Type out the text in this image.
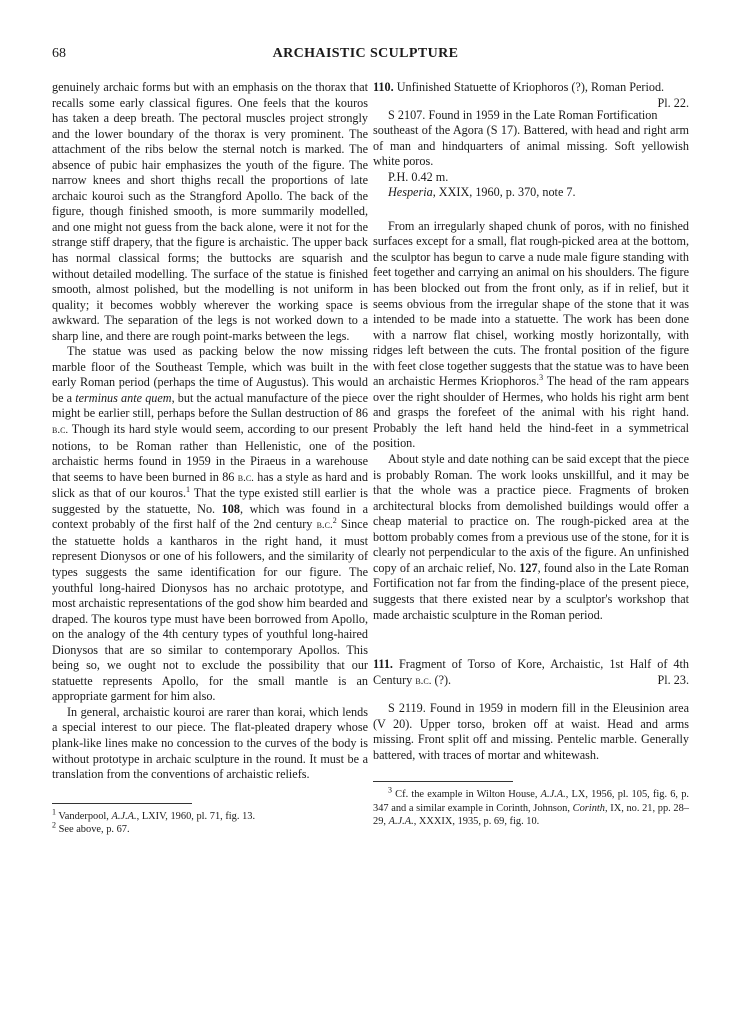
68	ARCHAISTIC SCULPTURE

genuinely archaic forms but with an emphasis on the thorax that recalls some early classical figures. One feels that the kouros has taken a deep breath. The pectoral muscles project strongly and the lower boundary of the thorax is very prominent. The attachment of the ribs below the sternal notch is marked. The absence of pubic hair emphasizes the youth of the figure. The narrow knees and short thighs recall the proportions of late archaic kouroi such as the Strangford Apollo. The back of the figure, though finished smooth, is more summarily modelled, and one might not guess from the back alone, were it not for the strange stiff drapery, that the figure is archaistic. The upper back has normal classical forms; the buttocks are squarish and without detailed modelling. The surface of the statue is finished smooth, almost polished, but the modelling is not uniform in quality; it becomes wobbly wherever the working space is awkward. The separation of the legs is not worked down to a sharp line, and there are rough point-marks between the legs.

The statue was used as packing below the now missing marble floor of the Southeast Temple, which was built in the early Roman period (perhaps the time of Augustus). This would be a terminus ante quem, but the actual manufacture of the piece might be earlier still, perhaps before the Sullan destruction of 86 b.c. Though its hard style would seem, according to our present notions, to be Roman rather than Hellenistic, one of the archaistic herms found in 1959 in the Piraeus in a warehouse that seems to have been burned in 86 b.c. has a style as hard and slick as that of our kouros.$^1$ That the type existed still earlier is suggested by the statuette, No. 108, which was found in a context probably of the first half of the 2nd century b.c.$^2$ Since the statuette holds a kantharos in the right hand, it must represent Dionysos or one of his followers, and the similarity of types suggests the same identification for our figure. The youthful long-haired Dionysos has no archaic prototype, and most archaistic representations of the god show him bearded and draped. The kouros type must have been borrowed from Apollo, on the analogy of the 4th century types of youthful long-haired Dionysos that are so similar to contemporary Apollos. This being so, we ought not to exclude the possibility that our statuette represents Apollo, for the small mantle is an appropriate garment for him also.

In general, archaistic kouroi are rarer than korai, which lends a special interest to our piece. The flat-pleated drapery whose plank-like lines make no concession to the curves of the body is without prototype in archaic sculpture in the round. It must be a translation from the conventions of archaistic reliefs.

$^1$ Vanderpool, A.J.A., LXIV, 1960, pl. 71, fig. 13.

$^2$ See above, p. 67.

110. Unfinished Statuette of Kriophoros (?), Roman Period.
Pl. 22.

S 2107. Found in 1959 in the Late Roman Fortification southeast of the Agora (S 17). Battered, with head and right arm of man and hindquarters of animal missing. Soft yellowish white poros.

P.H. 0.42 m.

Hesperia, XXIX, 1960, p. 370, note 7.

From an irregularly shaped chunk of poros, with no finished surfaces except for a small, flat rough-picked area at the bottom, the sculptor has begun to carve a nude male figure standing with feet together and carrying an animal on his shoulders. The figure has been blocked out from the front only, as if in relief, but it seems obvious from the irregular shape of the stone that it was intended to be made into a statuette. The work has been done with a narrow flat chisel, working mostly horizontally, with ridges left between the cuts. The frontal position of the figure with feet close together suggests that the statue was to have been an archaistic Hermes Kriophoros.$^3$ The head of the ram appears over the right shoulder of Hermes, who holds his right arm bent and grasps the forefeet of the animal with his right hand. Probably the left hand held the hind-feet in a symmetrical position.

About style and date nothing can be said except that the piece is probably Roman. The work looks unskillful, and it may be that the whole was a practice piece. Fragments of broken architectural blocks from demolished buildings would offer a cheap material to practice on. The rough-picked area at the bottom probably comes from a previous use of the stone, for it is clearly not perpendicular to the axis of the figure. An unfinished copy of an archaic relief, No. 127, found also in the Late Roman Fortification not far from the finding-place of the present piece, suggests that there existed near by a sculptor's workshop that made archaistic sculpture in the Roman period.

111. Fragment of Torso of Kore, Archaistic, 1st Half of 4th Century b.c. (?).	Pl. 23.

S 2119. Found in 1959 in modern fill in the Eleusinion area (V 20). Upper torso, broken off at waist. Head and arms missing. Front split off and missing. Pentelic marble. Generally battered, with traces of mortar and whitewash.

$^3$ Cf. the example in Wilton House, A.J.A., LX, 1956, pl. 105, fig. 6, p. 347 and a similar example in Corinth, Johnson, Corinth, IX, no. 21, pp. 28–29, A.J.A., XXXIX, 1935, p. 69, fig. 10.
